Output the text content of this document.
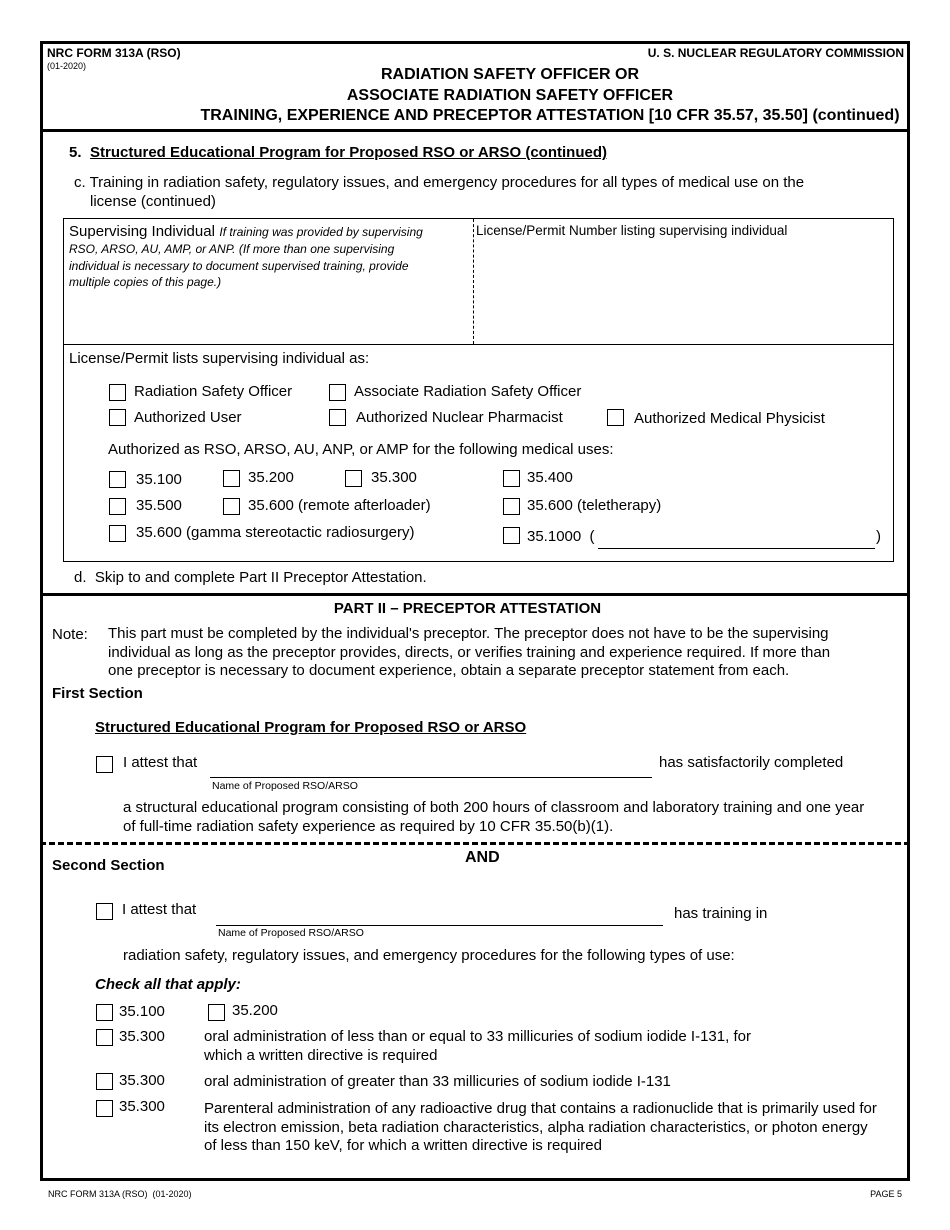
NRC FORM 313A (RSO)
(01-2020)
U. S. NUCLEAR REGULATORY COMMISSION
RADIATION SAFETY OFFICER OR
ASSOCIATE RADIATION SAFETY OFFICER
TRAINING, EXPERIENCE AND PRECEPTOR ATTESTATION [10 CFR 35.57, 35.50] (continued)
5. Structured Educational Program for Proposed RSO or ARSO (continued)
c. Training in radiation safety, regulatory issues, and emergency procedures for all types of medical use on the
license (continued)
Supervising Individual If training was provided by supervising
RSO, ARSO, AU, AMP, or ANP. (If more than one supervising
individual is necessary to document supervised training, provide
multiple copies of this page.)
License/Permit Number listing supervising individual
License/Permit lists supervising individual as:
Radiation Safety Officer	Associate Radiation Safety Officer
Authorized User	Authorized Nuclear Pharmacist	Authorized Medical Physicist
Authorized as RSO, ARSO, AU, ANP, or AMP for the following medical uses:
35.100	35.200	35.300	35.400
35.500	35.600 (remote afterloader)	35.600 (teletherapy)
35.600 (gamma stereotactic radiosurgery)	35.1000  (	)
d.  Skip to and complete Part II Preceptor Attestation.
PART II – PRECEPTOR ATTESTATION
Note: This part must be completed by the individual's preceptor. The preceptor does not have to be the supervising
individual as long as the preceptor provides, directs, or verifies training and experience required. If more than
one preceptor is necessary to document experience, obtain a separate preceptor statement from each.
First Section
Structured Educational Program for Proposed RSO or ARSO
I attest that	has satisfactorily completed
Name of Proposed RSO/ARSO
a structural educational program consisting of both 200 hours of classroom and laboratory training and one year
of full-time radiation safety experience as required by 10 CFR 35.50(b)(1).
AND
Second Section
I attest that	has training in
Name of Proposed RSO/ARSO
radiation safety, regulatory issues, and emergency procedures for the following types of use:
Check all that apply:
35.100	35.200
35.300	oral administration of less than or equal to 33 millicuries of sodium iodide I-131, for
which a written directive is required
35.300	oral administration of greater than 33 millicuries of sodium iodide I-131
35.300	Parenteral administration of any radioactive drug that contains a radionuclide that is primarily used for
its electron emission, beta radiation characteristics, alpha radiation characteristics, or photon energy
of less than 150 keV, for which a written directive is required
NRC FORM 313A (RSO)  (01-2020)	PAGE 5
